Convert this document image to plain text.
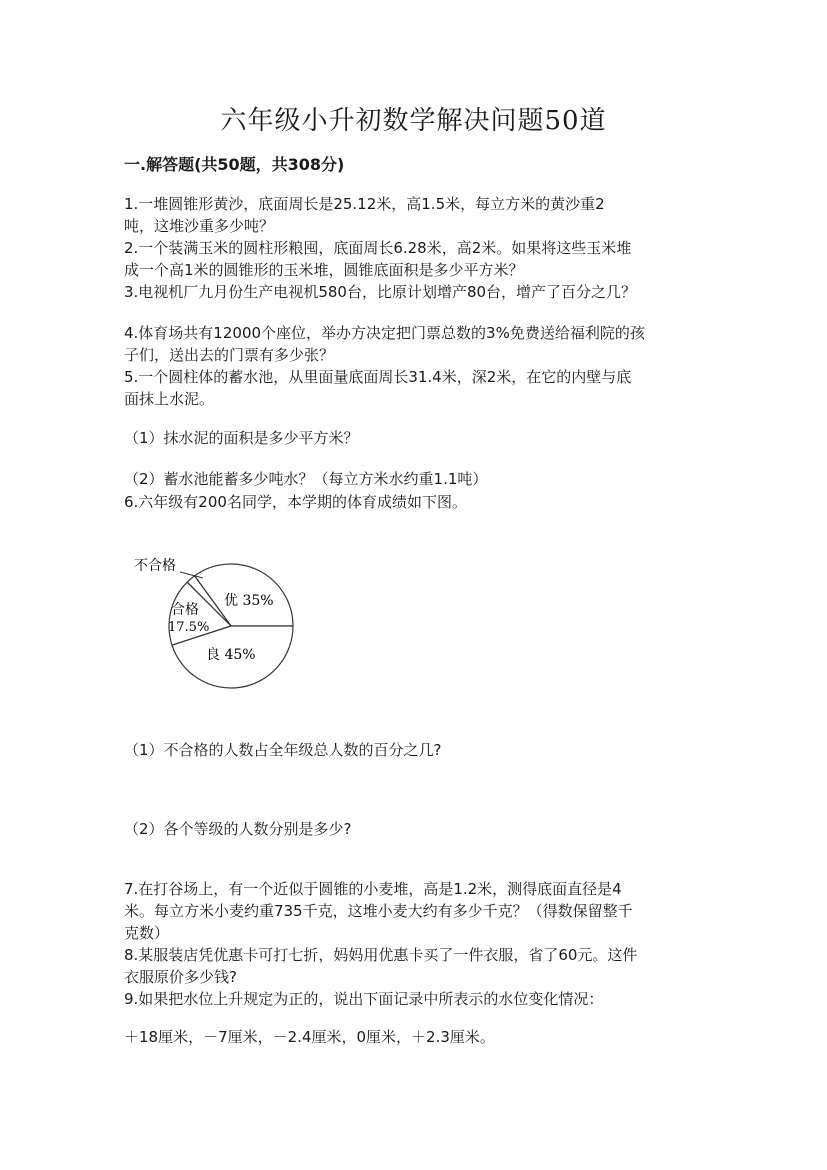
六年级小升初数学解决问题50道
一.解答题(共50题，共308分)
1.一堆圆锥形黄沙，底面周长是25.12米，高1.5米，每立方米的黄沙重2
吨，这堆沙重多少吨？
2.一个装满玉米的圆柱形粮囤，底面周长6.28米，高2米。如果将这些玉米堆
成一个高1米的圆锥形的玉米堆，圆锥底面积是多少平方米？
3.电视机厂九月份生产电视机580台，比原计划增产80台，增产了百分之几？
4.体育场共有12000个座位，举办方决定把门票总数的3%免费送给福利院的孩
子们，送出去的门票有多少张？
5.一个圆柱体的蓄水池，从里面量底面周长31.4米，深2米，在它的内壁与底
面抹上水泥。
（1）抹水泥的面积是多少平方米？
（2）蓄水池能蓄多少吨水？（每立方米水约重1.1吨）
6.六年级有200名同学，本学期的体育成绩如下图。
不合格
合格
17.5%
优 35%
良 45%
（1）不合格的人数占全年级总人数的百分之几?
（2）各个等级的人数分别是多少?
7.在打谷场上，有一个近似于圆锥的小麦堆，高是1.2米，测得底面直径是4
米。每立方米小麦约重735千克，这堆小麦大约有多少千克？（得数保留整千
克数）
8.某服装店凭优惠卡可打七折，妈妈用优惠卡买了一件衣服，省了60元。这件
衣服原价多少钱?
9.如果把水位上升规定为正的，说出下面记录中所表示的水位变化情况：
＋18厘米，－7厘米，－2.4厘米，0厘米，＋2.3厘米。
